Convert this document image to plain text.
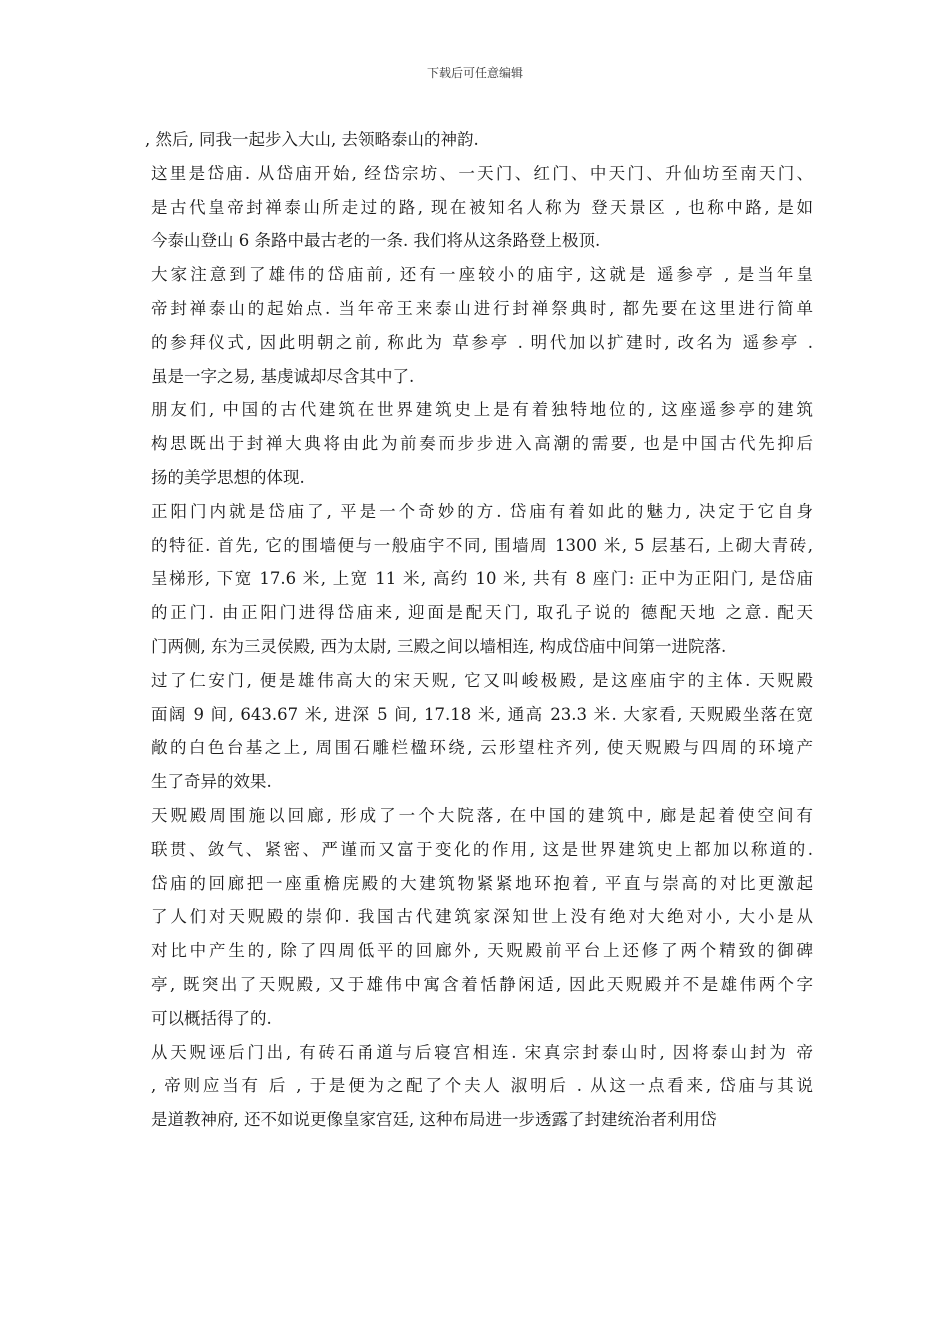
下载后可任意编辑

, 然后, 同我一起步入大山, 去领略泰山的神韵.

这里是岱庙. 从岱庙开始, 经岱宗坊、一天门、红门、中天门、升仙坊至南天门、
是古代皇帝封禅泰山所走过的路, 现在被知名人称为 登天景区 , 也称中路, 是如
今泰山登山 6 条路中最古老的一条. 我们将从这条路登上极顶.

大家注意到了雄伟的岱庙前, 还有一座较小的庙宇, 这就是 遥参亭 , 是当年皇
帝封禅泰山的起始点. 当年帝王来泰山进行封禅祭典时, 都先要在这里进行简单
的参拜仪式, 因此明朝之前, 称此为 草参亭 . 明代加以扩建时, 改名为 遥参亭 .
虽是一字之易, 基虔诚却尽含其中了.

朋友们, 中国的古代建筑在世界建筑史上是有着独特地位的, 这座遥参亭的建筑
构思既出于封禅大典将由此为前奏而步步进入高潮的需要, 也是中国古代先抑后
扬的美学思想的体现.

正阳门内就是岱庙了, 平是一个奇妙的方. 岱庙有着如此的魅力, 决定于它自身
的特征. 首先, 它的围墙便与一般庙宇不同, 围墙周 1300 米, 5 层基石, 上砌大青砖,
呈梯形, 下宽 17.6 米, 上宽 11 米, 高约 10 米, 共有 8 座门: 正中为正阳门, 是岱庙
的正门. 由正阳门进得岱庙来, 迎面是配天门, 取孔子说的 德配天地 之意. 配天
门两侧, 东为三灵侯殿, 西为太尉, 三殿之间以墙相连, 构成岱庙中间第一进院落.

过了仁安门, 便是雄伟高大的宋天贶, 它又叫峻极殿, 是这座庙宇的主体. 天贶殿
面阔 9 间, 643.67 米, 进深 5 间, 17.18 米, 通高 23.3 米. 大家看, 天贶殿坐落在宽
敞的白色台基之上, 周围石雕栏楹环绕, 云形望柱齐列, 使天贶殿与四周的环境产
生了奇异的效果.

天贶殿周围施以回廊, 形成了一个大院落, 在中国的建筑中, 廊是起着使空间有
联贯、敛气、紧密、严谨而又富于变化的作用, 这是世界建筑史上都加以称道的.
岱庙的回廊把一座重檐庑殿的大建筑物紧紧地环抱着, 平直与崇高的对比更激起
了人们对天贶殿的崇仰. 我国古代建筑家深知世上没有绝对大绝对小, 大小是从
对比中产生的, 除了四周低平的回廊外, 天贶殿前平台上还修了两个精致的御碑
亭, 既突出了天贶殿, 又于雄伟中寓含着恬静闲适, 因此天贶殿并不是雄伟两个字
可以概括得了的.

从天贶诬后门出, 有砖石甬道与后寝宫相连. 宋真宗封泰山时, 因将泰山封为 帝
, 帝则应当有 后 , 于是便为之配了个夫人 淑明后 . 从这一点看来, 岱庙与其说
是道教神府, 还不如说更像皇家宫廷, 这种布局进一步透露了封建统治者利用岱
